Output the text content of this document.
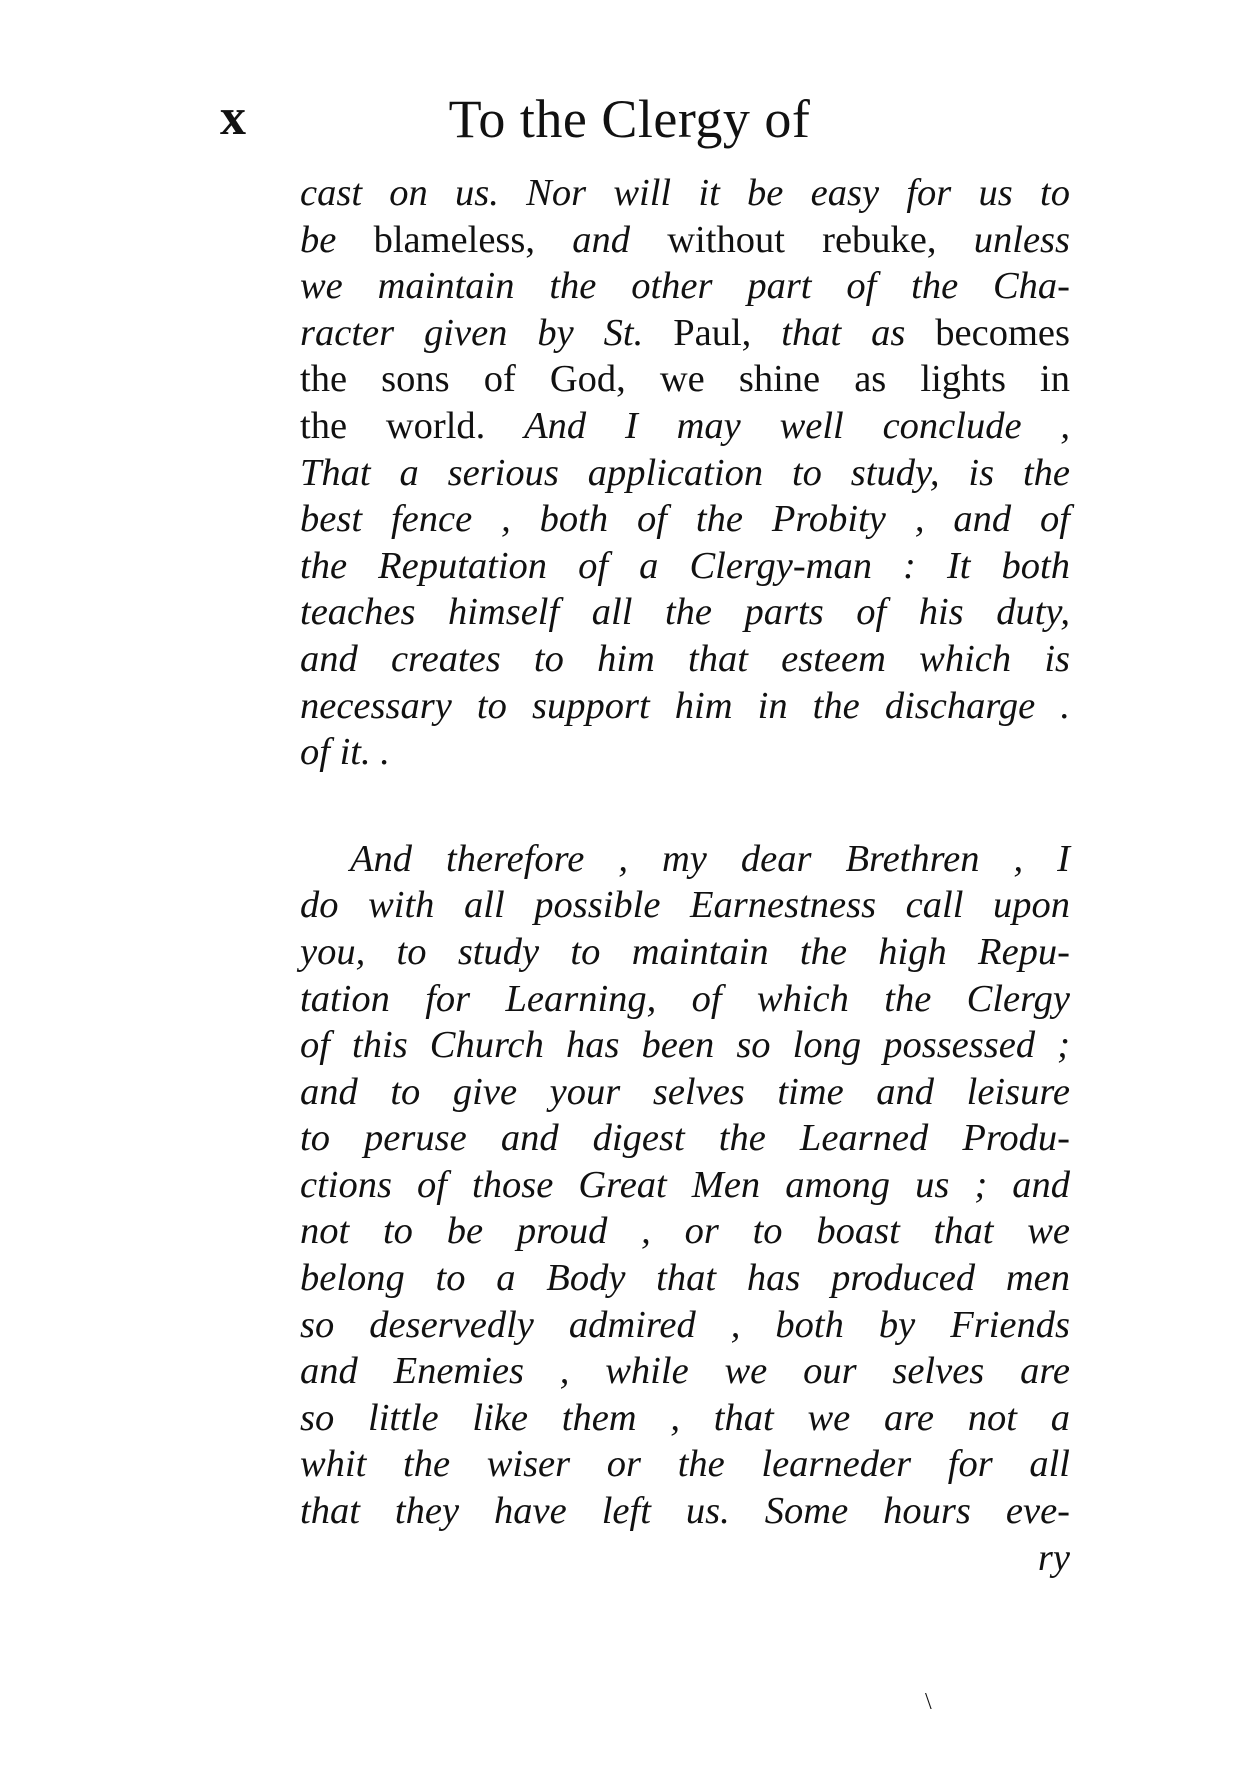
x	To the Clergy of
cast on us. Nor will it be easy for us to
be blameless, and without rebuke, unless
we maintain the other part of the Cha-
racter given by St. Paul, that as becomes
the sons of God, we shine as lights in
the world. And I may well conclude ,
That a serious application to study, is the
best fence , both of the Probity , and of
the Reputation of a Clergy-man : It both
teaches himself all the parts of his duty,
and creates to him that esteem which is
necessary to support him in the discharge .
of it. .
And therefore , my dear Brethren , I
do with all possible Earnestness call upon
you, to study to maintain the high Repu-
tation for Learning, of which the Clergy
of this Church has been so long possessed ;
and to give your selves time and leisure
to peruse and digest the Learned Produ-
ctions of those Great Men among us ; and
not to be proud , or to boast that we
belong to a Body that has produced men
so deservedly admired , both by Friends
and Enemies , while we our selves are
so little like them , that we are not a
whit the wiser or the learneder for all
that they have left us. Some hours eve-
ry
\
